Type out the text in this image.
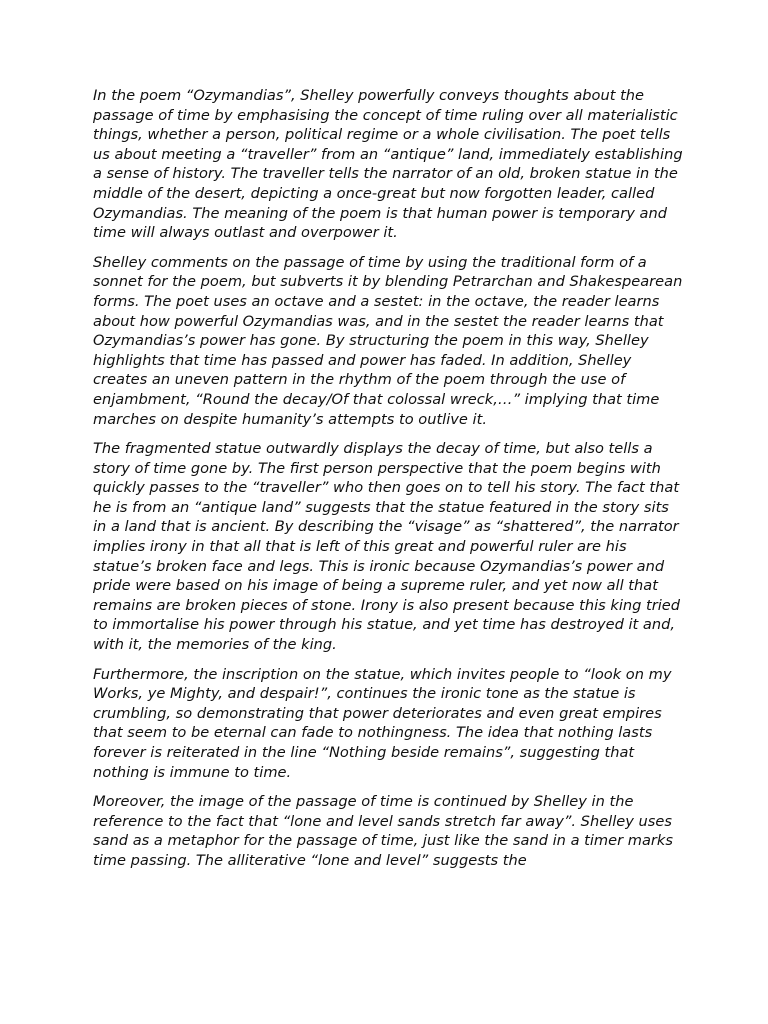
In the poem “Ozymandias”, Shelley powerfully conveys thoughts about the passage of time by emphasising the concept of time ruling over all materialistic things, whether a person, political regime or a whole civilisation. The poet tells us about meeting a “traveller” from an “antique” land, immediately establishing a sense of history. The traveller tells the narrator of an old, broken statue in the middle of the desert, depicting a once-great but now forgotten leader, called Ozymandias. The meaning of the poem is that human power is temporary and time will always outlast and overpower it.

Shelley comments on the passage of time by using the traditional form of a sonnet for the poem, but subverts it by blending Petrarchan and Shakespearean forms. The poet uses an octave and a sestet: in the octave, the reader learns about how powerful Ozymandias was, and in the sestet the reader learns that Ozymandias’s power has gone. By structuring the poem in this way, Shelley highlights that time has passed and power has faded. In addition, Shelley creates an uneven pattern in the rhythm of the poem through the use of enjambment, “Round the decay/Of that colossal wreck,…” implying that time marches on despite humanity’s attempts to outlive it.

The fragmented statue outwardly displays the decay of time, but also tells a story of time gone by. The first person perspective that the poem begins with quickly passes to the “traveller” who then goes on to tell his story. The fact that he is from an “antique land” suggests that the statue featured in the story sits in a land that is ancient. By describing the “visage” as “shattered”, the narrator implies irony in that all that is left of this great and powerful ruler are his statue’s broken face and legs. This is ironic because Ozymandias’s power and pride were based on his image of being a supreme ruler, and yet now all that remains are broken pieces of stone. Irony is also present because this king tried to immortalise his power through his statue, and yet time has destroyed it and, with it, the memories of the king.

Furthermore, the inscription on the statue, which invites people to “look on my Works, ye Mighty, and despair!”, continues the ironic tone as the statue is crumbling, so demonstrating that power deteriorates and even great empires that seem to be eternal can fade to nothingness. The idea that nothing lasts forever is reiterated in the line “Nothing beside remains”, suggesting that nothing is immune to time.

Moreover, the image of the passage of time is continued by Shelley in the reference to the fact that “lone and level sands stretch far away”. Shelley uses sand as a metaphor for the passage of time, just like the sand in a timer marks time passing. The alliterative “lone and level” suggests the
